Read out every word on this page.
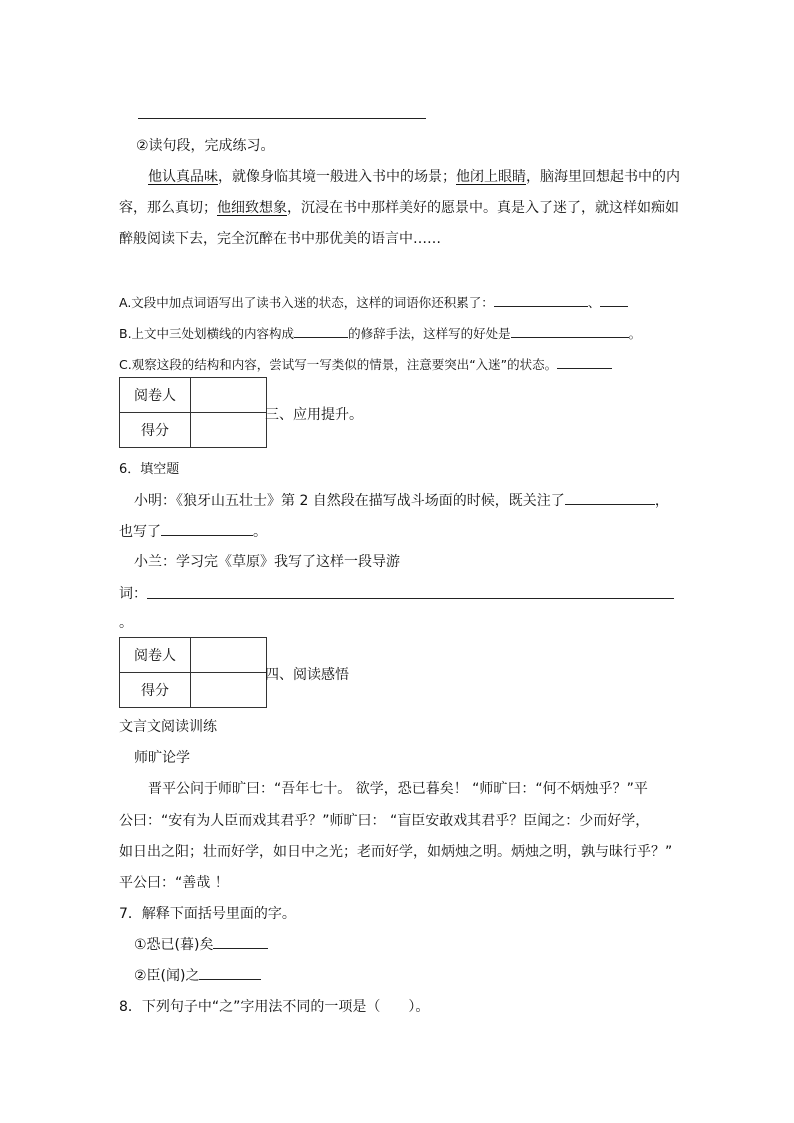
②读句段，完成练习。
他认真品味，就像身临其境一般进入书中的场景；他闭上眼睛，脑海里回想起书中的内
容，那么真切；他细致想象，沉浸在书中那样美好的愿景中。真是入了迷了，就这样如痴如
醉般阅读下去，完全沉醉在书中那优美的语言中……
A.文段中加点词语写出了读书入迷的状态，这样的词语你还积累了：	、
B.上文中三处划横线的内容构成	的修辞手法，这样写的好处是	。
C.观察这段的结构和内容，尝试写一写类似的情景，注意要突出“入迷”的状态。
阅卷人	
得分	
三、应用提升。
6．填空题
小明：《狼牙山五壮士》第 2 自然段在描写战斗场面的时候，既关注了	，
也写了	。
小兰：学习完《草原》我写了这样一段导游
词：
。
阅卷人	
得分	
四、阅读感悟
文言文阅读训练
师旷论学
晋平公问于师旷曰：“吾年七十。 欲学，恐已暮矣！ “师旷曰：“何不炳烛乎？”平
公曰：“安有为人臣而戏其君乎？”师旷曰： “盲臣安敢戏其君乎？臣闻之：少而好学，
如日出之阳；壮而好学，如日中之光；老而好学，如炳烛之明。炳烛之明，孰与昧行乎？”
平公曰：“善哉 ！
7．解释下面括号里面的字。
①恐已(暮)矣
②臣(闻)之
8．下列句子中“之”字用法不同的一项是（　　）。
